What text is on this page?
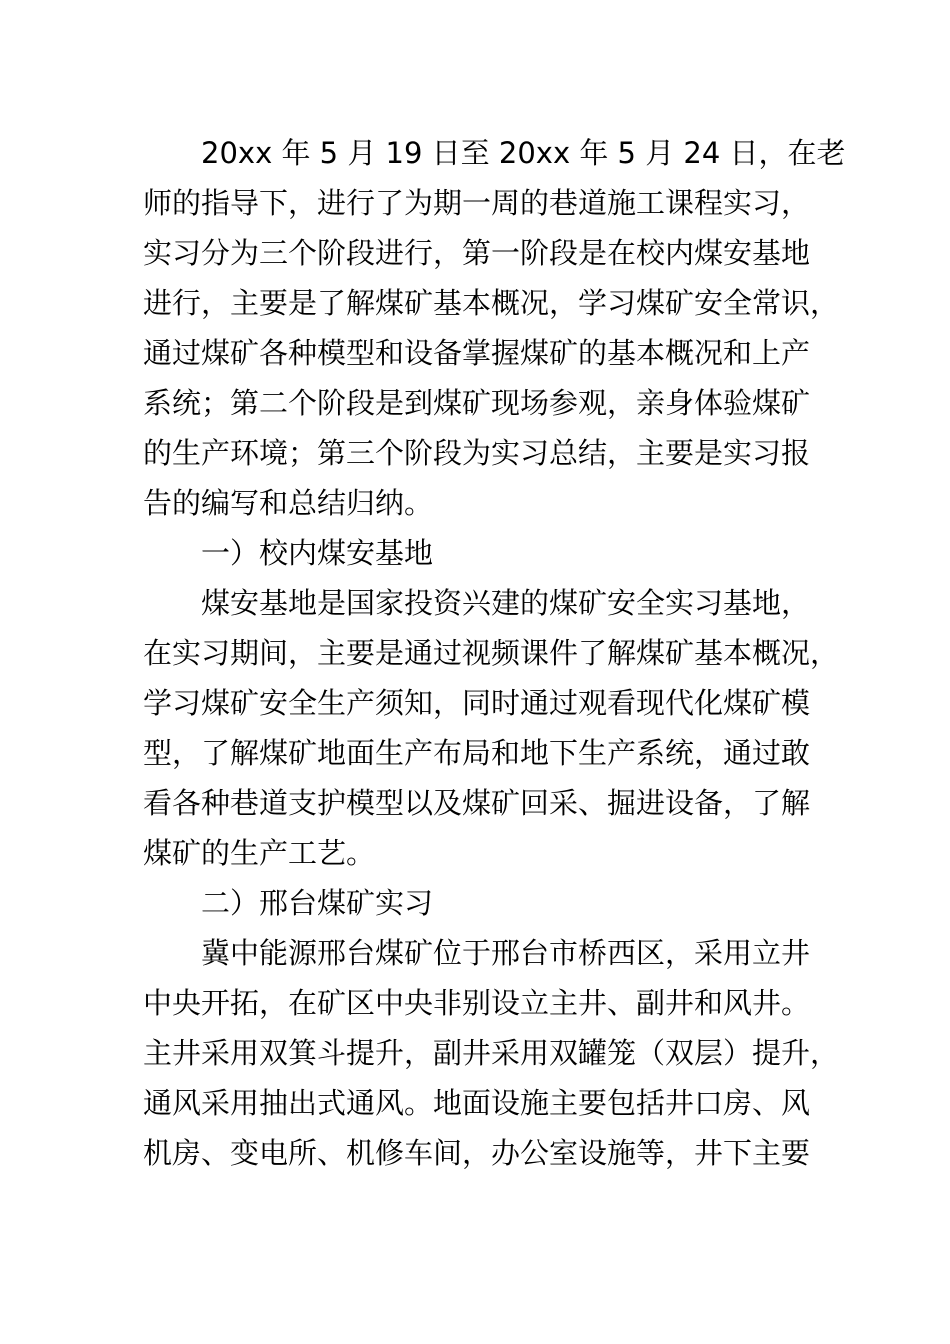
20xx 年 5 月 19 日至 20xx 年 5 月 24 日，在老
师的指导下，进行了为期一周的巷道施工课程实习，
实习分为三个阶段进行，第一阶段是在校内煤安基地
进行，主要是了解煤矿基本概况，学习煤矿安全常识，
通过煤矿各种模型和设备掌握煤矿的基本概况和上产
系统；第二个阶段是到煤矿现场参观，亲身体验煤矿
的生产环境；第三个阶段为实习总结，主要是实习报
告的编写和总结归纳。
一）校内煤安基地
煤安基地是国家投资兴建的煤矿安全实习基地，
在实习期间，主要是通过视频课件了解煤矿基本概况，
学习煤矿安全生产须知，同时通过观看现代化煤矿模
型，了解煤矿地面生产布局和地下生产系统，通过敢
看各种巷道支护模型以及煤矿回采、掘进设备，了解
煤矿的生产工艺。
二）邢台煤矿实习
冀中能源邢台煤矿位于邢台市桥西区，采用立井
中央开拓，在矿区中央非别设立主井、副井和风井。
主井采用双箕斗提升，副井采用双罐笼（双层）提升，
通风采用抽出式通风。地面设施主要包括井口房、风
机房、变电所、机修车间，办公室设施等，井下主要
